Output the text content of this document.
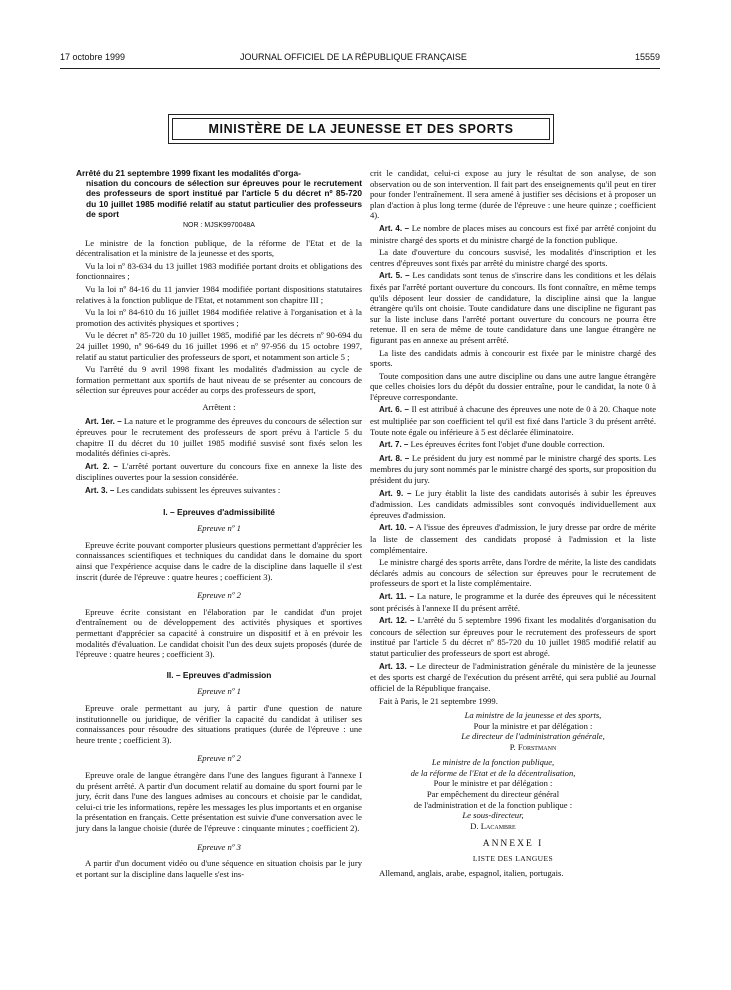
17 octobre 1999	JOURNAL OFFICIEL DE LA RÉPUBLIQUE FRANÇAISE	15559
MINISTÈRE DE LA JEUNESSE ET DES SPORTS
Arrêté du 21 septembre 1999 fixant les modalités d'orga-
nisation du concours de sélection sur épreuves pour le recrutement des professeurs de sport institué par l'article 5 du décret nº 85-720 du 10 juillet 1985 modifié relatif au statut particulier des professeurs de sport
NOR : MJSK9970048A

Le ministre de la fonction publique, de la réforme de l'Etat et de la décentralisation et la ministre de la jeunesse et des sports,

Vu la loi nº 83-634 du 13 juillet 1983 modifiée portant droits et obligations des fonctionnaires ;

Vu la loi nº 84-16 du 11 janvier 1984 modifiée portant dispositions statutaires relatives à la fonction publique de l'Etat, et notamment son chapitre III ;

Vu la loi nº 84-610 du 16 juillet 1984 modifiée relative à l'organisation et à la promotion des activités physiques et sportives ;

Vu le décret nº 85-720 du 10 juillet 1985, modifié par les décrets nº 90-694 du 24 juillet 1990, nº 96-649 du 16 juillet 1996 et nº 97-956 du 15 octobre 1997, relatif au statut particulier des professeurs de sport, et notamment son article 5 ;

Vu l'arrêté du 9 avril 1998 fixant les modalités d'admission au cycle de formation permettant aux sportifs de haut niveau de se présenter au concours de sélection sur épreuves pour accéder au corps des professeurs de sport,

Arrêtent :

Art. 1er. – La nature et le programme des épreuves du concours de sélection sur épreuves pour le recrutement des professeurs de sport prévu à l'article 5 du chapitre II du décret du 10 juillet 1985 modifié susvisé sont fixés selon les modalités définies ci-après.

Art. 2. – L'arrêté portant ouverture du concours fixe en annexe la liste des disciplines ouvertes pour la session considérée.

Art. 3. – Les candidats subissent les épreuves suivantes :

I. – Epreuves d'admissibilité
Epreuve nº 1

Epreuve écrite pouvant comporter plusieurs questions permettant d'apprécier les connaissances scientifiques et techniques du candidat dans le domaine du sport ainsi que l'expérience acquise dans le cadre de la discipline dans laquelle il s'est inscrit (durée de l'épreuve : quatre heures ; coefficient 3).

Epreuve nº 2

Epreuve écrite consistant en l'élaboration par le candidat d'un projet d'entraînement ou de développement des activités physiques et sportives permettant d'apprécier sa capacité à construire un dispositif et à en prévoir les modalités d'évaluation. Le candidat choisit l'un des deux sujets proposés (durée de l'épreuve : quatre heures ; coefficient 3).

II. – Epreuves d'admission
Epreuve nº 1

Epreuve orale permettant au jury, à partir d'une question de nature institutionnelle ou juridique, de vérifier la capacité du candidat à utiliser ses connaissances pour résoudre des situations pratiques (durée de l'épreuve : une heure trente ; coefficient 3).

Epreuve nº 2

Epreuve orale de langue étrangère dans l'une des langues figurant à l'annexe I du présent arrêté. A partir d'un document relatif au domaine du sport fourni par le jury, écrit dans l'une des langues admises au concours et choisie par le candidat, celui-ci trie les informations, repère les messages les plus importants et en organise la présentation en français. Cette présentation est suivie d'une conversation avec le jury dans la langue choisie (durée de l'épreuve : cinquante minutes ; coefficient 2).

Epreuve nº 3

A partir d'un document vidéo ou d'une séquence en situation choisis par le jury et portant sur la discipline dans laquelle s'est ins-

crit le candidat, celui-ci expose au jury le résultat de son analyse, de son observation ou de son intervention. Il fait part des enseignements qu'il peut en tirer pour fonder l'entraînement. Il sera amené à justifier ses décisions et à proposer un plan d'action à plus long terme (durée de l'épreuve : une heure quinze ; coefficient 4).

Art. 4. – Le nombre de places mises au concours est fixé par arrêté conjoint du ministre chargé des sports et du ministre chargé de la fonction publique.

La date d'ouverture du concours susvisé, les modalités d'inscription et les centres d'épreuves sont fixés par arrêté du ministre chargé des sports.

Art. 5. – Les candidats sont tenus de s'inscrire dans les conditions et les délais fixés par l'arrêté portant ouverture du concours. Ils font connaître, en même temps qu'ils déposent leur dossier de candidature, la discipline ainsi que la langue étrangère qu'ils ont choisie. Toute candidature dans une discipline ne figurant pas sur la liste incluse dans l'arrêté portant ouverture du concours ne pourra être retenue. Il en sera de même de toute candidature dans une langue étrangère ne figurant pas en annexe au présent arrêté.

La liste des candidats admis à concourir est fixée par le ministre chargé des sports.

Toute composition dans une autre discipline ou dans une autre langue étrangère que celles choisies lors du dépôt du dossier entraîne, pour le candidat, la note 0 à l'épreuve correspondante.

Art. 6. – Il est attribué à chacune des épreuves une note de 0 à 20. Chaque note est multipliée par son coefficient tel qu'il est fixé dans l'article 3 du présent arrêté. Toute note égale ou inférieure à 5 est déclarée éliminatoire.

Art. 7. – Les épreuves écrites font l'objet d'une double correction.

Art. 8. – Le président du jury est nommé par le ministre chargé des sports. Les membres du jury sont nommés par le ministre chargé des sports, sur proposition du président du jury.

Art. 9. – Le jury établit la liste des candidats autorisés à subir les épreuves d'admission. Les candidats admissibles sont convoqués individuellement aux épreuves d'admission.

Art. 10. – A l'issue des épreuves d'admission, le jury dresse par ordre de mérite la liste de classement des candidats proposé à l'admission et la liste complémentaire.

Le ministre chargé des sports arrête, dans l'ordre de mérite, la liste des candidats déclarés admis au concours de sélection sur épreuves pour le recrutement de professeurs de sport et la liste complémentaire.

Art. 11. – La nature, le programme et la durée des épreuves qui le nécessitent sont précisés à l'annexe II du présent arrêté.

Art. 12. – L'arrêté du 5 septembre 1996 fixant les modalités d'organisation du concours de sélection sur épreuves pour le recrutement des professeurs de sport institué par l'article 5 du décret nº 85-720 du 10 juillet 1985 modifié relatif au statut particulier des professeurs de sport est abrogé.

Art. 13. – Le directeur de l'administration générale du ministère de la jeunesse et des sports est chargé de l'exécution du présent arrêté, qui sera publié au Journal officiel de la République française.

Fait à Paris, le 21 septembre 1999.

La ministre de la jeunesse et des sports,

Pour la ministre et par délégation :

Le directeur de l'administration générale,

P. Forstmann

Le ministre de la fonction publique,

de la réforme de l'Etat et de la décentralisation,

Pour le ministre et par délégation :

Par empêchement du directeur général

de l'administration et de la fonction publique :

Le sous-directeur,

D. Lacambre

ANNEXE I

LISTE DES LANGUES

Allemand, anglais, arabe, espagnol, italien, portugais.
